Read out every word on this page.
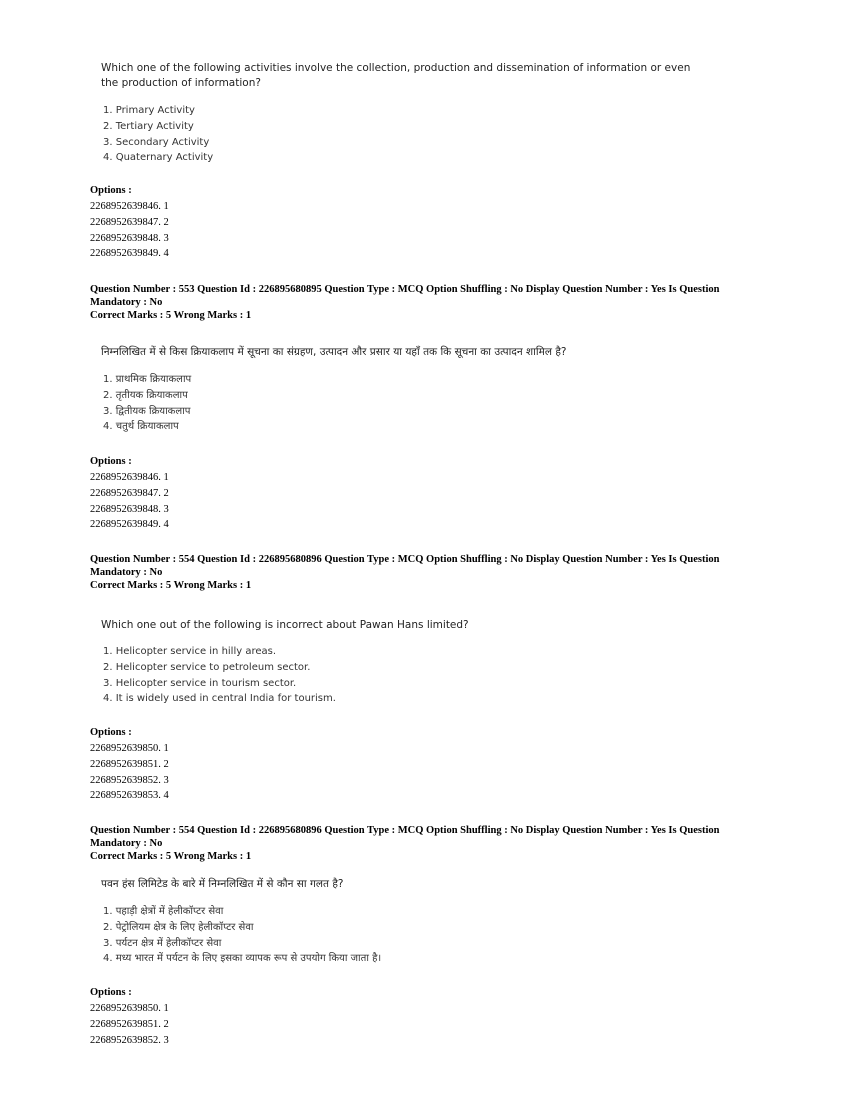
Which one of the following activities involve the collection, production and dissemination of information or even the production of information?
1. Primary Activity
2. Tertiary Activity
3. Secondary Activity
4. Quaternary Activity
Options :
2268952639846. 1
2268952639847. 2
2268952639848. 3
2268952639849. 4
Question Number : 553 Question Id : 226895680895 Question Type : MCQ Option Shuffling : No Display Question Number : Yes Is Question
Mandatory : No
Correct Marks : 5 Wrong Marks : 1
निम्नलिखित में से किस क्रियाकलाप में सूचना का संग्रहण, उत्पादन और प्रसार या यहाँ तक कि सूचना का उत्पादन शामिल है?
1. प्राथमिक क्रियाकलाप
2. तृतीयक क्रियाकलाप
3. द्वितीयक क्रियाकलाप
4. चतुर्थ क्रियाकलाप
Options :
2268952639846. 1
2268952639847. 2
2268952639848. 3
2268952639849. 4
Question Number : 554 Question Id : 226895680896 Question Type : MCQ Option Shuffling : No Display Question Number : Yes Is Question
Mandatory : No
Correct Marks : 5 Wrong Marks : 1
Which one out of the following is incorrect about Pawan Hans limited?
1. Helicopter service in hilly areas.
2. Helicopter service to petroleum sector.
3. Helicopter service in tourism sector.
4. It is widely used in central India for tourism.
Options :
2268952639850. 1
2268952639851. 2
2268952639852. 3
2268952639853. 4
Question Number : 554 Question Id : 226895680896 Question Type : MCQ Option Shuffling : No Display Question Number : Yes Is Question
Mandatory : No
Correct Marks : 5 Wrong Marks : 1
पवन हंस लिमिटेड के बारे में निम्नलिखित में से कौन सा गलत है?
1. पहाड़ी क्षेत्रों में हेलीकॉप्टर सेवा
2. पेट्रोलियम क्षेत्र के लिए हेलीकॉप्टर सेवा
3. पर्यटन क्षेत्र में हेलीकॉप्टर सेवा
4. मध्य भारत में पर्यटन के लिए इसका व्यापक रूप से उपयोग किया जाता है।
Options :
2268952639850. 1
2268952639851. 2
2268952639852. 3
